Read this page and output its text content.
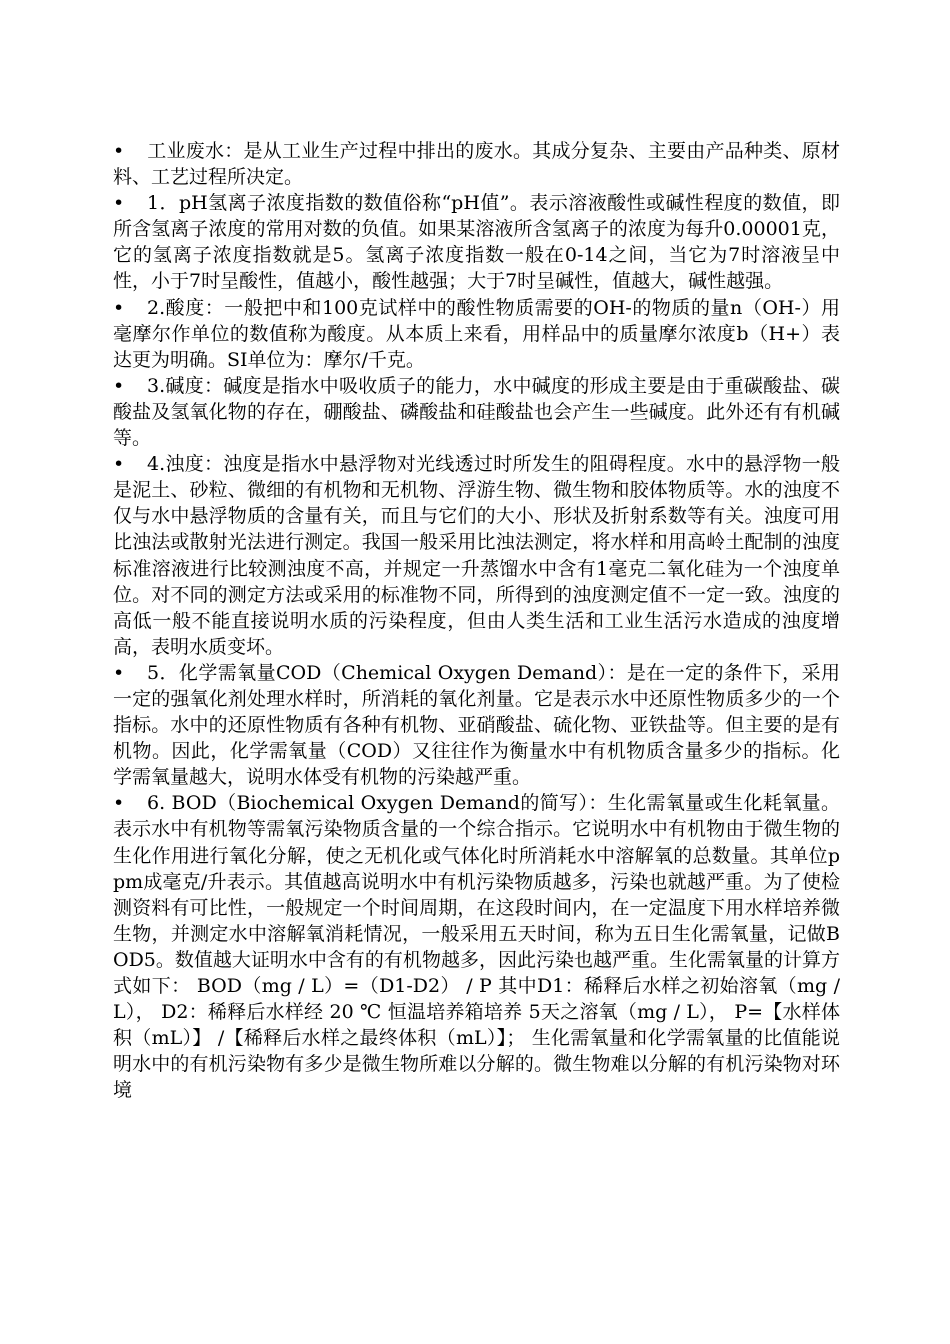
• 工业废水：是从工业生产过程中排出的废水。其成分复杂、主要由产品种类、原材料、工艺过程所决定。

• 1．pH氢离子浓度指数的数值俗称“pH值”。表示溶液酸性或碱性程度的数值，即所含氢离子浓度的常用对数的负值。如果某溶液所含氢离子的浓度为每升0.00001克，它的氢离子浓度指数就是5。氢离子浓度指数一般在0-14之间，当它为7时溶液呈中性，小于7时呈酸性，值越小，酸性越强；大于7时呈碱性，值越大，碱性越强。

• 2.酸度：一般把中和100克试样中的酸性物质需要的OH-的物质的量n（OH-）用毫摩尔作单位的数值称为酸度。从本质上来看，用样品中的质量摩尔浓度b（H+）表达更为明确。SI单位为：摩尔/千克。

• 3.碱度：碱度是指水中吸收质子的能力，水中碱度的形成主要是由于重碳酸盐、碳酸盐及氢氧化物的存在，硼酸盐、磷酸盐和硅酸盐也会产生一些碱度。此外还有有机碱等。

• 4.浊度：浊度是指水中悬浮物对光线透过时所发生的阻碍程度。水中的悬浮物一般是泥土、砂粒、微细的有机物和无机物、浮游生物、微生物和胶体物质等。水的浊度不仅与水中悬浮物质的含量有关，而且与它们的大小、形状及折射系数等有关。浊度可用比浊法或散射光法进行测定。我国一般采用比浊法测定，将水样和用高岭土配制的浊度标准溶液进行比较测浊度不高，并规定一升蒸馏水中含有1毫克二氧化硅为一个浊度单位。对不同的测定方法或采用的标准物不同，所得到的浊度测定值不一定一致。浊度的高低一般不能直接说明水质的污染程度，但由人类生活和工业生活污水造成的浊度增高，表明水质变坏。

• 5．化学需氧量COD（Chemical Oxygen Demand）：是在一定的条件下，采用一定的强氧化剂处理水样时，所消耗的氧化剂量。它是表示水中还原性物质多少的一个指标。水中的还原性物质有各种有机物、亚硝酸盐、硫化物、亚铁盐等。但主要的是有机物。因此，化学需氧量（COD）又往往作为衡量水中有机物质含量多少的指标。化学需氧量越大，说明水体受有机物的污染越严重。

• 6. BOD（Biochemical Oxygen Demand的简写）：生化需氧量或生化耗氧量。表示水中有机物等需氧污染物质含量的一个综合指示。它说明水中有机物由于微生物的生化作用进行氧化分解，使之无机化或气体化时所消耗水中溶解氧的总数量。其单位ppm成毫克/升表示。其值越高说明水中有机污染物质越多，污染也就越严重。为了使检测资料有可比性，一般规定一个时间周期，在这段时间内，在一定温度下用水样培养微生物，并测定水中溶解氧消耗情况，一般采用五天时间，称为五日生化需氧量，记做BOD5。数值越大证明水中含有的有机物越多，因此污染也越严重。生化需氧量的计算方式如下： BOD（mg / L）=（D1-D2） / P 其中D1：稀释后水样之初始溶氧（mg / L）， D2：稀释后水样经 20 ℃ 恒温培养箱培养 5天之溶氧（mg / L）， P=【水样体积（mL）】 /【稀释后水样之最终体积（mL）】； 生化需氧量和化学需氧量的比值能说明水中的有机污染物有多少是微生物所难以分解的。微生物难以分解的有机污染物对环境
